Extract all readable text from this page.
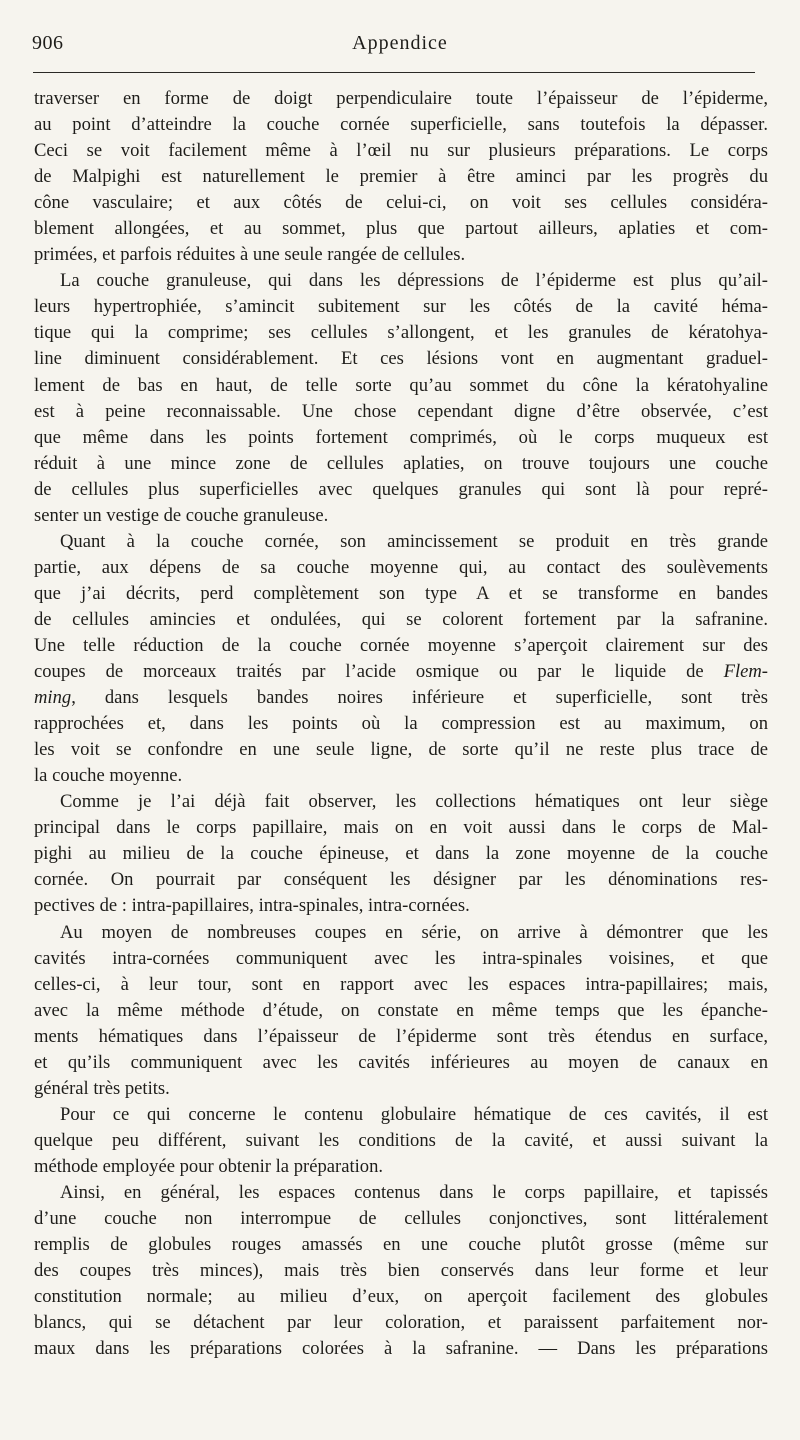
906	Appendice
traverser en forme de doigt perpendiculaire toute l’épaisseur de l’épiderme,
au point d’atteindre la couche cornée superficielle, sans toutefois la dépasser.
Ceci se voit facilement même à l’œil nu sur plusieurs préparations. Le corps
de Malpighi est naturellement le premier à être aminci par les progrès du
cône vasculaire; et aux côtés de celui-ci, on voit ses cellules considéra-
blement allongées, et au sommet, plus que partout ailleurs, aplaties et com-
primées, et parfois réduites à une seule rangée de cellules.
La couche granuleuse, qui dans les dépressions de l’épiderme est plus qu’ail-
leurs hypertrophiée, s’amincit subitement sur les côtés de la cavité héma-
tique qui la comprime; ses cellules s’allongent, et les granules de kératohya-
line diminuent considérablement. Et ces lésions vont en augmentant graduel-
lement de bas en haut, de telle sorte qu’au sommet du cône la kératohyaline
est à peine reconnaissable. Une chose cependant digne d’être observée, c’est
que même dans les points fortement comprimés, où le corps muqueux est
réduit à une mince zone de cellules aplaties, on trouve toujours une couche
de cellules plus superficielles avec quelques granules qui sont là pour repré-
senter un vestige de couche granuleuse.
Quant à la couche cornée, son amincissement se produit en très grande
partie, aux dépens de sa couche moyenne qui, au contact des soulèvements
que j’ai décrits, perd complètement son type A et se transforme en bandes
de cellules amincies et ondulées, qui se colorent fortement par la safranine.
Une telle réduction de la couche cornée moyenne s’aperçoit clairement sur des
coupes de morceaux traités par l’acide osmique ou par le liquide de Flem-
ming, dans lesquels bandes noires inférieure et superficielle, sont très
rapprochées et, dans les points où la compression est au maximum, on
les voit se confondre en une seule ligne, de sorte qu’il ne reste plus trace de
la couche moyenne.
Comme je l’ai déjà fait observer, les collections hématiques ont leur siège
principal dans le corps papillaire, mais on en voit aussi dans le corps de Mal-
pighi au milieu de la couche épineuse, et dans la zone moyenne de la couche
cornée. On pourrait par conséquent les désigner par les dénominations res-
pectives de : intra-papillaires, intra-spinales, intra-cornées.
Au moyen de nombreuses coupes en série, on arrive à démontrer que les
cavités intra-cornées communiquent avec les intra-spinales voisines, et que
celles-ci, à leur tour, sont en rapport avec les espaces intra-papillaires; mais,
avec la même méthode d’étude, on constate en même temps que les épanche-
ments hématiques dans l’épaisseur de l’épiderme sont très étendus en surface,
et qu’ils communiquent avec les cavités inférieures au moyen de canaux en
général très petits.
Pour ce qui concerne le contenu globulaire hématique de ces cavités, il est
quelque peu différent, suivant les conditions de la cavité, et aussi suivant la
méthode employée pour obtenir la préparation.
Ainsi, en général, les espaces contenus dans le corps papillaire, et tapissés
d’une couche non interrompue de cellules conjonctives, sont littéralement
remplis de globules rouges amassés en une couche plutôt grosse (même sur
des coupes très minces), mais très bien conservés dans leur forme et leur
constitution normale; au milieu d’eux, on aperçoit facilement des globules
blancs, qui se détachent par leur coloration, et paraissent parfaitement nor-
maux dans les préparations colorées à la safranine. — Dans les préparations
